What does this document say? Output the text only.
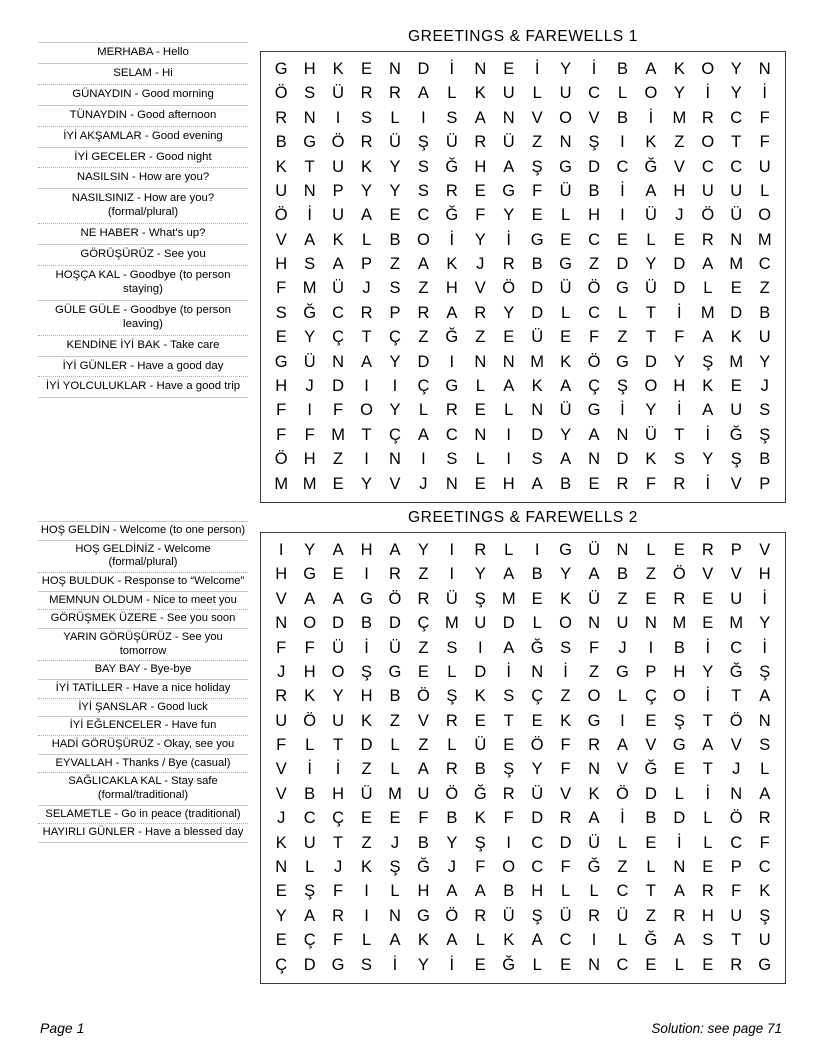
MERHABA - Hello
SELAM - Hi
GÜNAYDIN - Good morning
TÜNAYDIN - Good afternoon
İYİ AKŞAMLAR - Good evening
İYİ GECELER - Good night
NASILSIN - How are you?
NASILSINIZ - How are you? (formal/plural)
NE HABER - What's up?
GÖRÜŞÜRÜZ - See you
HOŞÇA KAL - Goodbye (to person staying)
GÜLE GÜLE - Goodbye (to person leaving)
KENDİNE İYİ BAK - Take care
İYİ GÜNLER - Have a good day
İYİ YOLCULUKLAR - Have a good trip
GREETINGS & FAREWELLS 1
G	H	K	E	N	D	İ	N	E	İ	Y	İ	B	A	K	O	Y	N
Ö	S	Ü	R	R	A	L	K	U	L	U	C	L	O	Y	İ	Y	İ
R	N	I	S	L	I	S	A	N	V	O	V	B	İ	M	R	C	F
B	G	Ö	R	Ü	Ş	Ü	R	Ü	Z	N	Ş	I	K	Z	O	T	F
K	T	U	K	Y	S	Ğ	H	A	Ş	G	D	C	Ğ	V	C	C	U
U	N	P	Y	Y	S	R	E	G	F	Ü	B	İ	A	H	U	U	L
Ö	İ	U	A	E	C	Ğ	F	Y	E	L	H	I	Ü	J	Ö	Ü	O
V	A	K	L	B	O	İ	Y	İ	G	E	C	E	L	E	R	N	M
H	S	A	P	Z	A	K	J	R	B	G	Z	D	Y	D	A	M	C
F	M	Ü	J	S	Z	H	V	Ö	D	Ü	Ö	G	Ü	D	L	E	Z
S	Ğ	C	R	P	R	A	R	Y	D	L	C	L	T	İ	M	D	B
E	Y	Ç	T	Ç	Z	Ğ	Z	E	Ü	E	F	Z	T	F	A	K	U
G	Ü	N	A	Y	D	I	N	N	M	K	Ö	G	D	Y	Ş	M	Y
H	J	D	I	I	Ç	G	L	A	K	A	Ç	Ş	O	H	K	E	J
F	I	F	O	Y	L	R	E	L	N	Ü	G	İ	Y	İ	A	U	S
F	F	M	T	Ç	A	C	N	I	D	Y	A	N	Ü	T	İ	Ğ	Ş
Ö	H	Z	I	N	I	S	L	I	S	A	N	D	K	S	Y	Ş	B
M	M	E	Y	V	J	N	E	H	A	B	E	R	F	R	İ	V	P
HOŞ GELDİN - Welcome (to one person)
HOŞ GELDİNİZ - Welcome (formal/plural)
HOŞ BULDUK - Response to “Welcome”
MEMNUN OLDUM - Nice to meet you
GÖRÜŞMEK ÜZERE - See you soon
YARIN GÖRÜŞÜRÜZ - See you tomorrow
BAY BAY - Bye-bye
İYİ TATİLLER - Have a nice holiday
İYİ ŞANSLAR - Good luck
İYİ EĞLENCELER - Have fun
HADİ GÖRÜŞÜRÜZ - Okay, see you
EYVALLAH - Thanks / Bye (casual)
SAĞLICAKLA KAL - Stay safe (formal/traditional)
SELAMETLE - Go in peace (traditional)
HAYIRLI GÜNLER - Have a blessed day
GREETINGS & FAREWELLS 2
I	Y	A	H	A	Y	I	R	L	I	G	Ü	N	L	E	R	P	V
H	G	E	I	R	Z	I	Y	A	B	Y	A	B	Z	Ö	V	V	H
V	A	A	G	Ö	R	Ü	Ş	M	E	K	Ü	Z	E	R	E	U	İ
N	O	D	B	D	Ç	M	U	D	L	O	N	U	N	M	E	M	Y
F	F	Ü	İ	Ü	Z	S	I	A	Ğ	S	F	J	I	B	İ	C	İ
J	H	O	Ş	G	E	L	D	İ	N	İ	Z	G	P	H	Y	Ğ	Ş
R	K	Y	H	B	Ö	Ş	K	S	Ç	Z	O	L	Ç	O	İ	T	A
U	Ö	U	K	Z	V	R	E	T	E	K	G	I	E	Ş	T	Ö	N
F	L	T	D	L	Z	L	Ü	E	Ö	F	R	A	V	G	A	V	S
V	İ	İ	Z	L	A	R	B	Ş	Y	F	N	V	Ğ	E	T	J	L
V	B	H	Ü	M	U	Ö	Ğ	R	Ü	V	K	Ö	D	L	İ	N	A
J	C	Ç	E	E	F	B	K	F	D	R	A	İ	B	D	L	Ö	R
K	U	T	Z	J	B	Y	Ş	I	C	D	Ü	L	E	İ	L	C	F
N	L	J	K	Ş	Ğ	J	F	O	C	F	Ğ	Z	L	N	E	P	C
E	Ş	F	I	L	H	A	A	B	H	L	L	C	T	A	R	F	K
Y	A	R	I	N	G	Ö	R	Ü	Ş	Ü	R	Ü	Z	R	H	U	Ş
E	Ç	F	L	A	K	A	L	K	A	C	I	L	Ğ	A	S	T	U
Ç	D	G	S	İ	Y	İ	E	Ğ	L	E	N	C	E	L	E	R	G
Page 1	Solution: see page 71
